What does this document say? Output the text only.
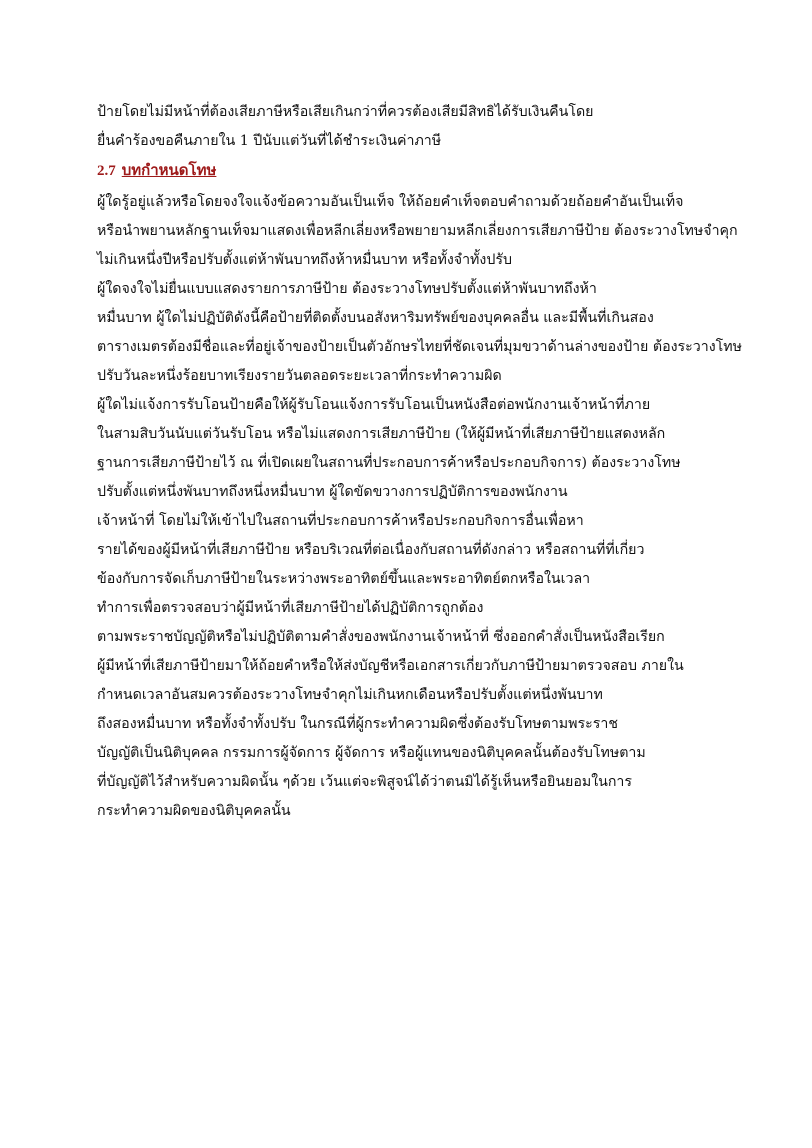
ป้ายโดยไม่มีหน้าที่ต้องเสียภาษีหรือเสียเกินกว่าที่ควรต้องเสียมีสิทธิได้รับเงินคืนโดย
ยื่นคำร้องขอคืนภายใน 1 ปีนับแต่วันที่ได้ชำระเงินค่าภาษี
2.7 บทกำหนดโทษ
ผู้ใดรู้อยู่แล้วหรือโดยจงใจแจ้งข้อความอันเป็นเท็จ ให้ถ้อยคำเท็จตอบคำถามด้วยถ้อยคำอันเป็นเท็จ
หรือนำพยานหลักฐานเท็จมาแสดงเพื่อหลีกเลี่ยงหรือพยายามหลีกเลี่ยงการเสียภาษีป้าย ต้องระวางโทษจำคุก
ไม่เกินหนึ่งปีหรือปรับตั้งแต่ห้าพันบาทถึงห้าหมื่นบาท หรือทั้งจำทั้งปรับ
ผู้ใดจงใจไม่ยื่นแบบแสดงรายการภาษีป้าย ต้องระวางโทษปรับตั้งแต่ห้าพันบาทถึงห้า
หมื่นบาท ผู้ใดไม่ปฏิบัติดังนี้คือป้ายที่ติดตั้งบนอสังหาริมทรัพย์ของบุคคลอื่น และมีพื้นที่เกินสอง
ตารางเมตรต้องมีชื่อและที่อยู่เจ้าของป้ายเป็นตัวอักษรไทยที่ชัดเจนที่มุมขวาด้านล่างของป้าย ต้องระวางโทษ
ปรับวันละหนึ่งร้อยบาทเรียงรายวันตลอดระยะเวลาที่กระทำความผิด
ผู้ใดไม่แจ้งการรับโอนป้ายคือให้ผู้รับโอนแจ้งการรับโอนเป็นหนังสือต่อพนักงานเจ้าหน้าที่ภาย
ในสามสิบวันนับแต่วันรับโอน หรือไม่แสดงการเสียภาษีป้าย (ให้ผู้มีหน้าที่เสียภาษีป้ายแสดงหลัก
ฐานการเสียภาษีป้ายไว้ ณ ที่เปิดเผยในสถานที่ประกอบการค้าหรือประกอบกิจการ) ต้องระวางโทษ
ปรับตั้งแต่หนึ่งพันบาทถึงหนึ่งหมื่นบาท ผู้ใดขัดขวางการปฏิบัติการของพนักงาน
เจ้าหน้าที่ โดยไม่ให้เข้าไปในสถานที่ประกอบการค้าหรือประกอบกิจการอื่นเพื่อหา
รายได้ของผู้มีหน้าที่เสียภาษีป้าย หรือบริเวณที่ต่อเนื่องกับสถานที่ดังกล่าว หรือสถานที่ที่เกี่ยว
ข้องกับการจัดเก็บภาษีป้ายในระหว่างพระอาทิตย์ขึ้นและพระอาทิตย์ตกหรือในเวลา
ทำการเพื่อตรวจสอบว่าผู้มีหน้าที่เสียภาษีป้ายได้ปฏิบัติการถูกต้อง
ตามพระราชบัญญัติหรือไม่ปฏิบัติตามคำสั่งของพนักงานเจ้าหน้าที่ ซึ่งออกคำสั่งเป็นหนังสือเรียก
ผู้มีหน้าที่เสียภาษีป้ายมาให้ถ้อยคำหรือให้ส่งบัญชีหรือเอกสารเกี่ยวกับภาษีป้ายมาตรวจสอบ ภายใน
กำหนดเวลาอันสมควรต้องระวางโทษจำคุกไม่เกินหกเดือนหรือปรับตั้งแต่หนึ่งพันบาท
ถึงสองหมื่นบาท หรือทั้งจำทั้งปรับ ในกรณีที่ผู้กระทำความผิดซึ่งต้องรับโทษตามพระราช
บัญญัติเป็นนิติบุคคล กรรมการผู้จัดการ ผู้จัดการ หรือผู้แทนของนิติบุคคลนั้นต้องรับโทษตาม
ที่บัญญัติไว้สำหรับความผิดนั้น ๆด้วย เว้นแต่จะพิสูจน์ได้ว่าตนมิได้รู้เห็นหรือยินยอมในการ
กระทำความผิดของนิติบุคคลนั้น
